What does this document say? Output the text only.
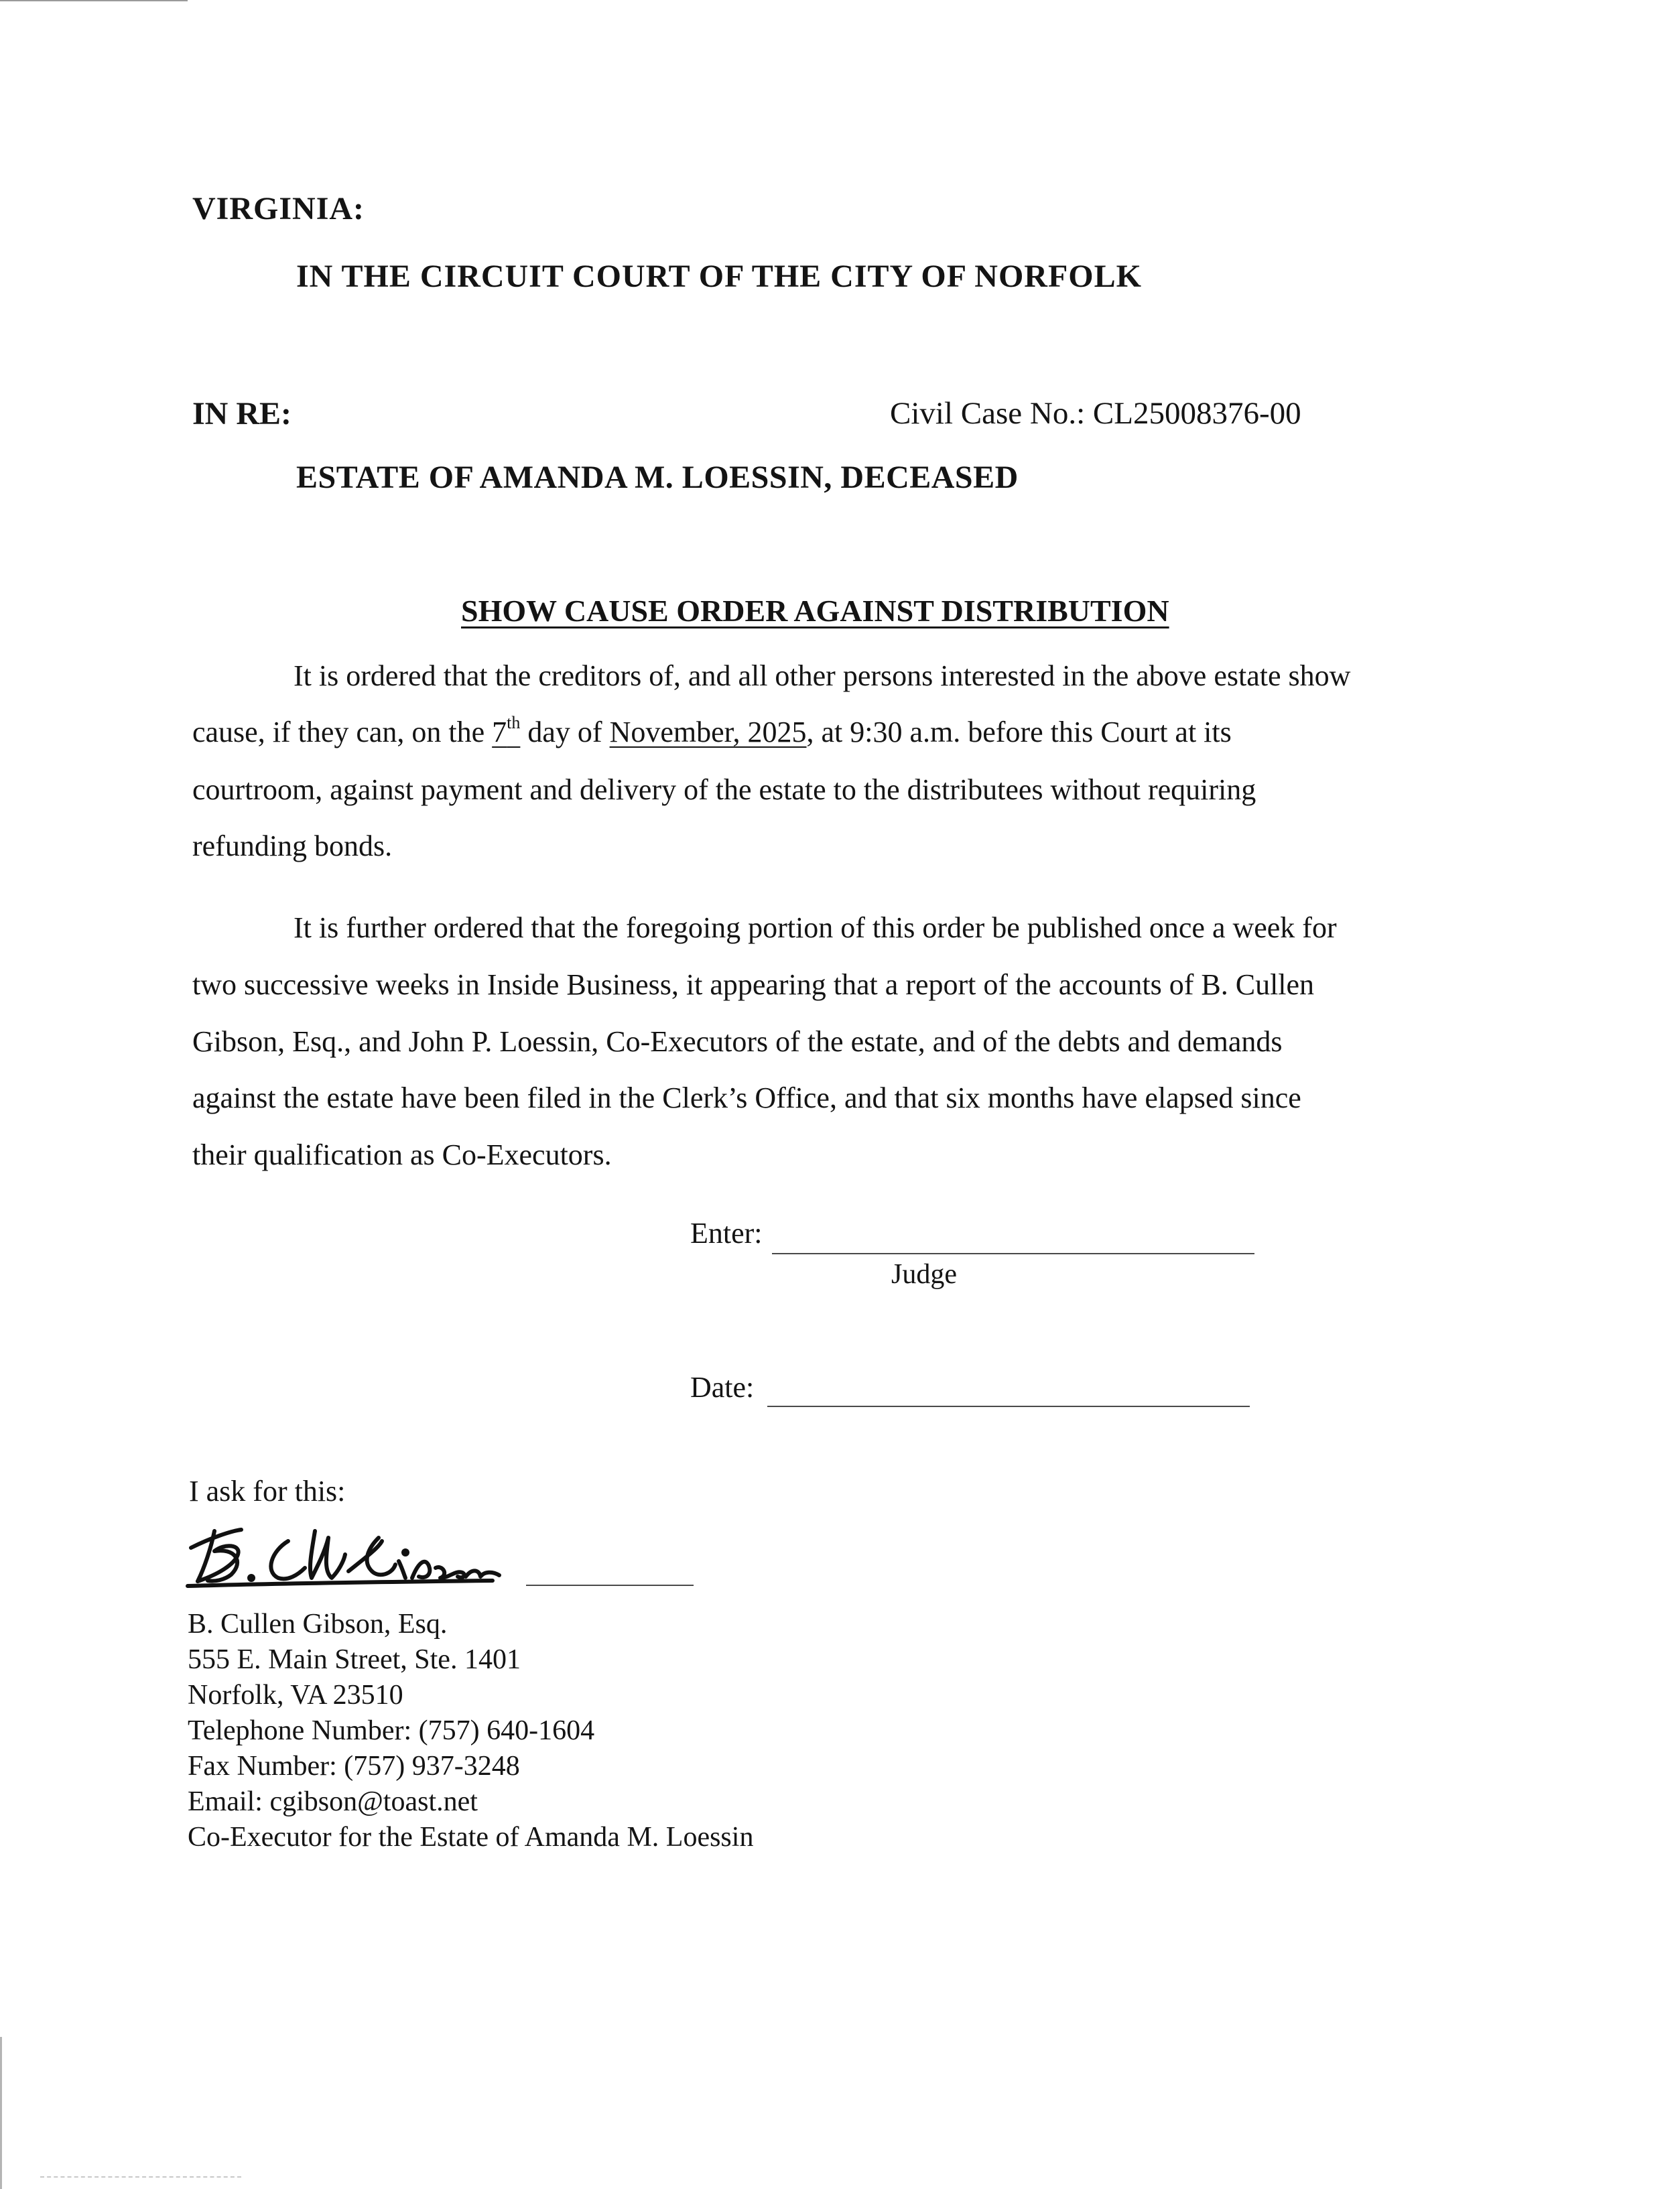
VIRGINIA:
IN THE CIRCUIT COURT OF THE CITY OF NORFOLK
IN RE:	Civil Case No.: CL25008376-00
ESTATE OF AMANDA M. LOESSIN, DECEASED
SHOW CAUSE ORDER AGAINST DISTRIBUTION
It is ordered that the creditors of, and all other persons interested in the above estate show
cause, if they can, on the 7th day of November, 2025, at 9:30 a.m. before this Court at its
courtroom, against payment and delivery of the estate to the distributees without requiring
refunding bonds.
It is further ordered that the foregoing portion of this order be published once a week for
two successive weeks in Inside Business, it appearing that a report of the accounts of B. Cullen
Gibson, Esq., and John P. Loessin, Co-Executors of the estate, and of the debts and demands
against the estate have been filed in the Clerk’s Office, and that six months have elapsed since
their qualification as Co-Executors.
Enter:
Judge
Date:
I ask for this:
B. Cullen Gibson, Esq.
555 E. Main Street, Ste. 1401
Norfolk, VA 23510
Telephone Number: (757) 640-1604
Fax Number: (757) 937-3248
Email: cgibson@toast.net
Co-Executor for the Estate of Amanda M. Loessin
